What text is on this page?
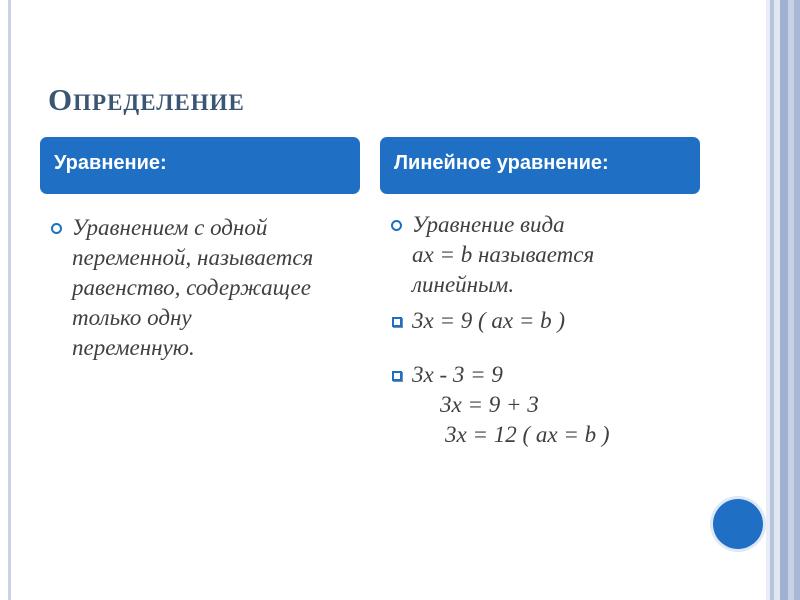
ОПРЕДЕЛЕНИЕ
Уравнение:	Линейное уравнение:
Уравнением с одной
переменной, называется
равенство, содержащее
только одну
переменную.
Уравнение вида
ax = b называется
линейным.
3x = 9 ( ax = b )
3x - 3 = 9
3x = 9 + 3
3x = 12 ( ax = b )
